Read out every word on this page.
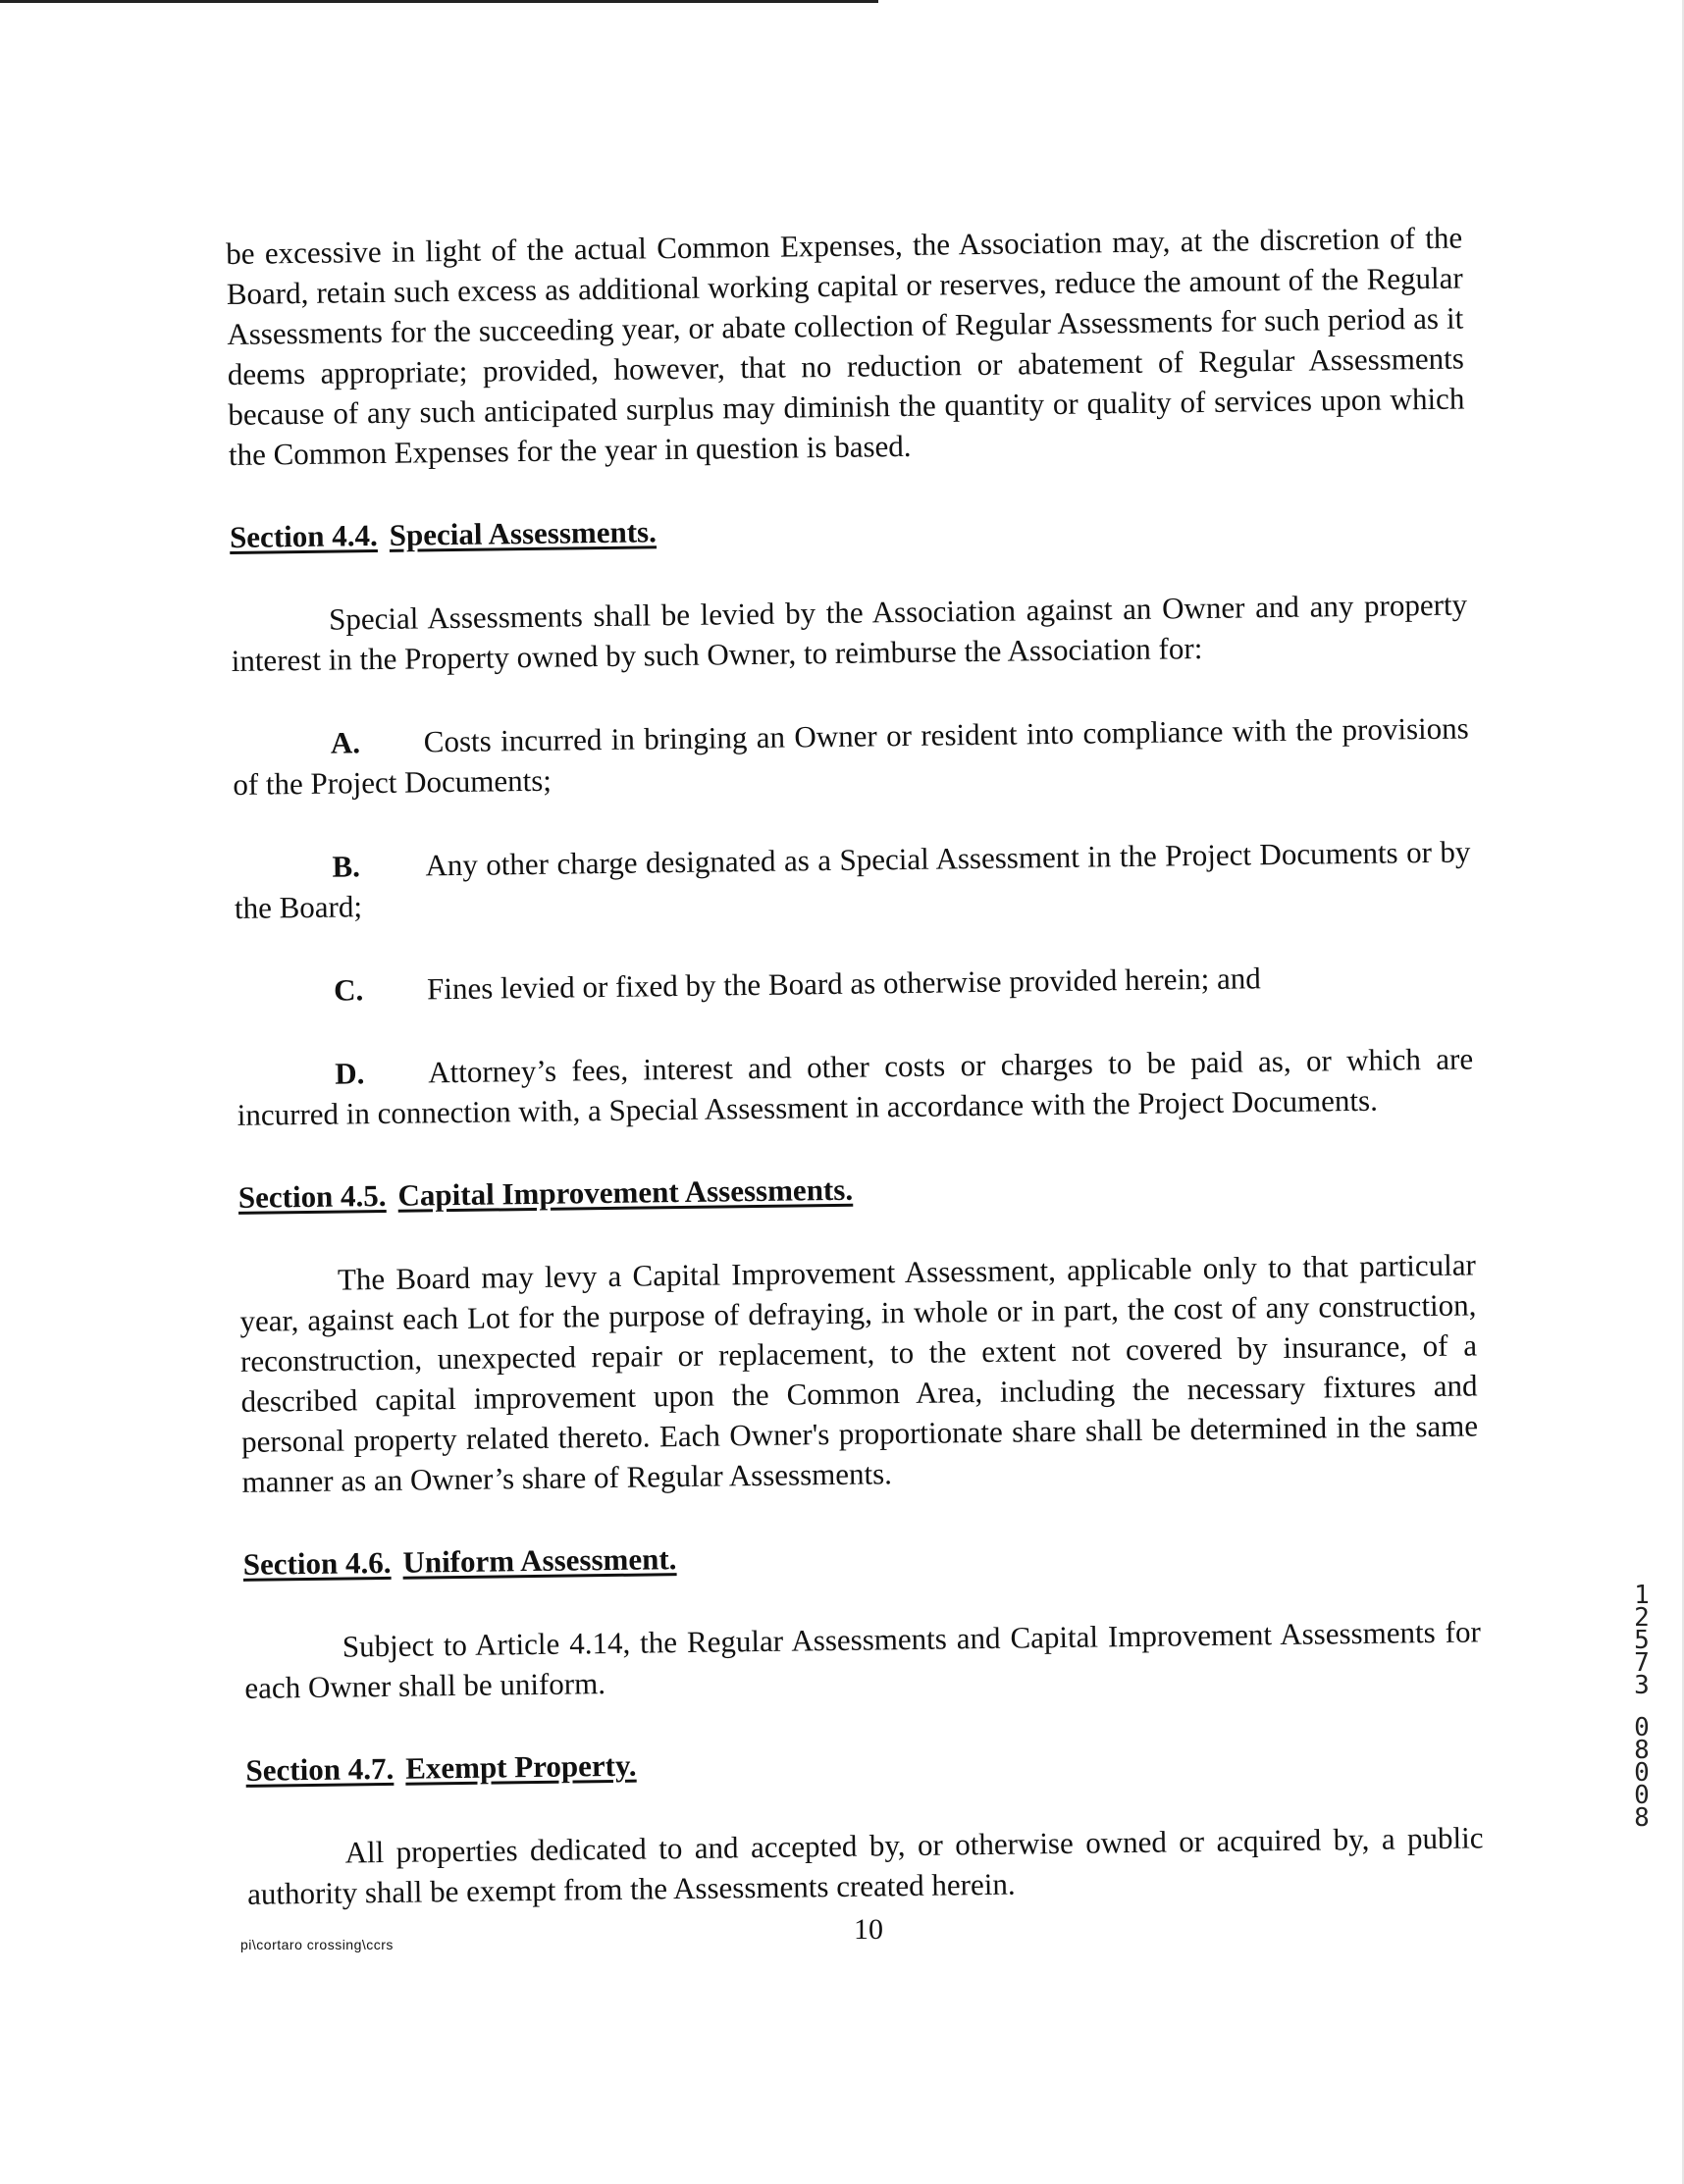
be excessive in light of the actual Common Expenses, the Association may, at the discretion of the Board, retain such excess as additional working capital or reserves, reduce the amount of the Regular Assessments for the succeeding year, or abate collection of Regular Assessments for such period as it deems appropriate; provided, however, that no reduction or abatement of Regular Assessments because of any such anticipated surplus may diminish the quantity or quality of services upon which the Common Expenses for the year in question is based.

Section 4.4. Special Assessments.

Special Assessments shall be levied by the Association against an Owner and any property interest in the Property owned by such Owner, to reimburse the Association for:

A. Costs incurred in bringing an Owner or resident into compliance with the provisions of the Project Documents;

B. Any other charge designated as a Special Assessment in the Project Documents or by the Board;

C. Fines levied or fixed by the Board as otherwise provided herein; and

D. Attorney’s fees, interest and other costs or charges to be paid as, or which are incurred in connection with, a Special Assessment in accordance with the Project Documents.

Section 4.5. Capital Improvement Assessments.

The Board may levy a Capital Improvement Assessment, applicable only to that particular year, against each Lot for the purpose of defraying, in whole or in part, the cost of any construction, reconstruction, unexpected repair or replacement, to the extent not covered by insurance, of a described capital improvement upon the Common Area, including the necessary fixtures and personal property related thereto. Each Owner's proportionate share shall be determined in the same manner as an Owner’s share of Regular Assessments.

Section 4.6. Uniform Assessment.

Subject to Article 4.14, the Regular Assessments and Capital Improvement Assessments for each Owner shall be uniform.

Section 4.7. Exempt Property.

All properties dedicated to and accepted by, or otherwise owned or acquired by, a public authority shall be exempt from the Assessments created herein.

10
pi\cortaro crossing\ccrs
1
2
5
7
3
0
8
0
0
8
